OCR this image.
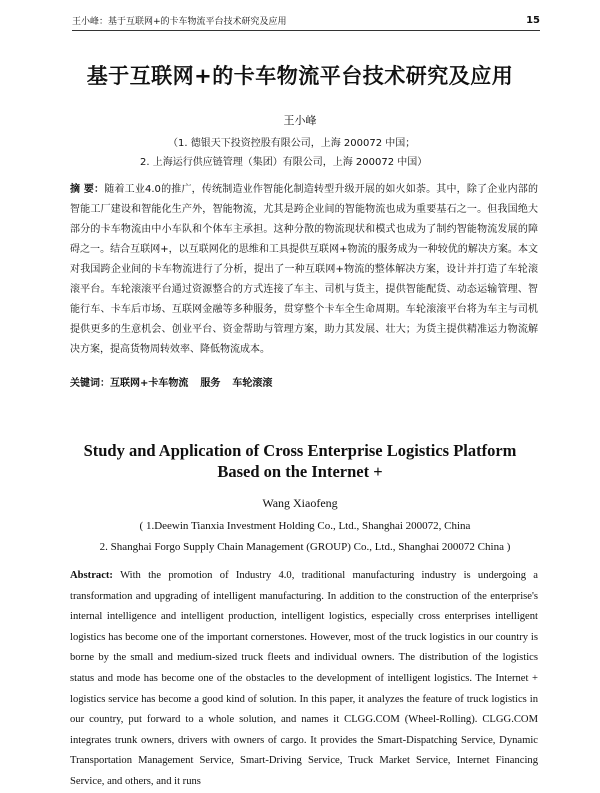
王小峰：基于互联网+的卡车物流平台技术研究及应用	15
基于互联网+的卡车物流平台技术研究及应用
王小峰
（1. 德银天下投资控股有限公司，上海 200072 中国；
2. 上海运行供应链管理（集团）有限公司，上海 200072 中国）
摘 要：随着工业4.0的推广，传统制造业作智能化制造转型升级开展的如火如荼。其中，除了企业内部的智能工厂建设和智能化生产外，智能物流，尤其是跨企业间的智能物流也成为重要基石之一。但我国绝大部分的卡车物流由中小车队和个体车主承担。这种分散的物流现状和模式也成为了制约智能物流发展的障碍之一。结合互联网+，以互联网化的思维和工具提供互联网+物流的服务成为一种较优的解决方案。本文对我国跨企业间的卡车物流进行了分析，提出了一种互联网+物流的整体解决方案，设计并打造了车轮滚滚平台。车轮滚滚平台通过资源整合的方式连接了车主、司机与货主，提供智能配货、动态运输管理、智能行车、卡车后市场、互联网金融等多种服务，贯穿整个卡车全生命周期。车轮滚滚平台将为车主与司机提供更多的生意机会、创业平台、资金帮助与管理方案，助力其发展、壮大；为货主提供精准运力物流解决方案，提高货物周转效率、降低物流成本。
关键词：互联网+卡车物流 服务 车轮滚滚
Study and Application of Cross Enterprise Logistics Platform
Based on the Internet +
Wang Xiaofeng
( 1.Deewin Tianxia Investment Holding Co., Ltd., Shanghai 200072, China
2. Shanghai Forgo Supply Chain Management (GROUP) Co., Ltd., Shanghai 200072 China )
Abstract: With the promotion of Industry 4.0, traditional manufacturing industry is undergoing a transformation and upgrading of intelligent manufacturing. In addition to the construction of the enterprise's internal intelligence and intelligent production, intelligent logistics, especially cross enterprises intelligent logistics has become one of the important cornerstones. However, most of the truck logistics in our country is borne by the small and medium-sized truck fleets and individual owners. The distribution of the logistics status and mode has become one of the obstacles to the development of intelligent logistics. The Internet + logistics service has become a good kind of solution. In this paper, it analyzes the feature of truck logistics in our country, put forward to a whole solution, and names it CLGG.COM (Wheel-Rolling). CLGG.COM integrates trunk owners, drivers with owners of cargo. It provides the Smart-Dispatching Service, Dynamic Transportation Management Service, Smart-Driving Service, Truck Market Service, Internet Financing Service, and others, and it runs
